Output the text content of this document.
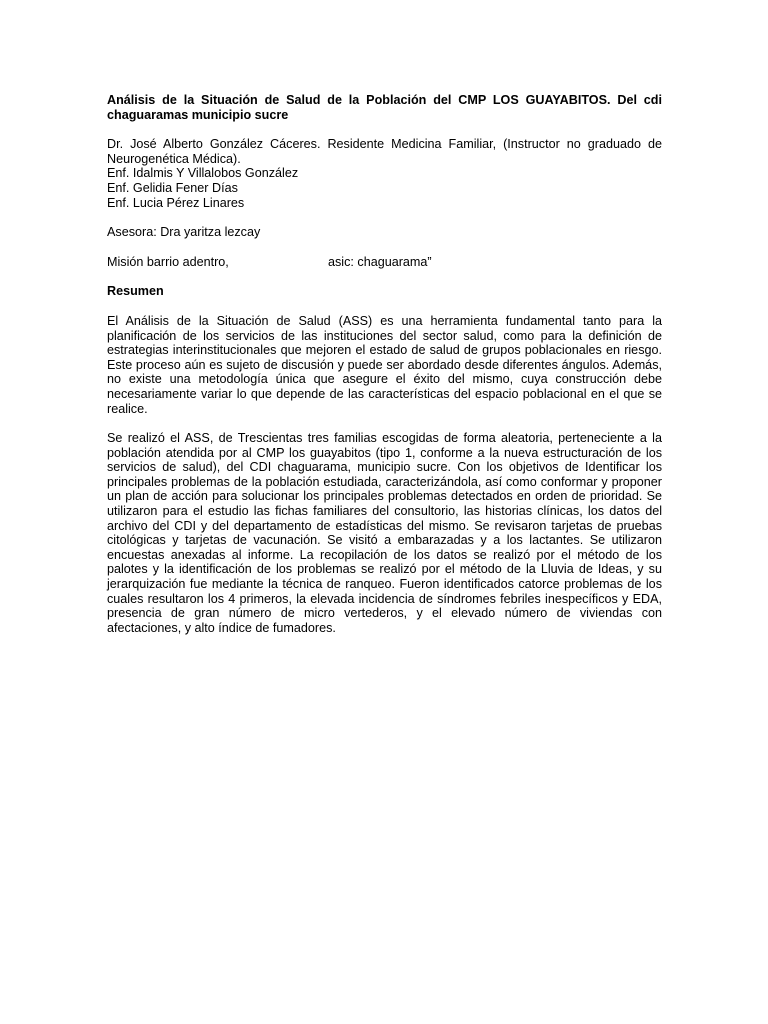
Análisis de la Situación de Salud de la Población del CMP LOS GUAYABITOS. Del cdi chaguaramas municipio sucre
Dr. José Alberto González Cáceres. Residente Medicina Familiar, (Instructor no graduado de Neurogenética Médica).
Enf. Idalmis Y Villalobos González
Enf. Gelidia Fener Días
Enf. Lucia Pérez Linares
Asesora: Dra yaritza lezcay
Misión barrio adentro,	asic: chaguarama”
Resumen

El Análisis de la Situación de Salud (ASS) es una herramienta fundamental tanto para la planificación de los servicios de las instituciones del sector salud, como para la definición de estrategias interinstitucionales que mejoren el estado de salud de grupos poblacionales en riesgo. Este proceso aún es sujeto de discusión y puede ser abordado desde diferentes ángulos. Además, no existe una metodología única que asegure el éxito del mismo, cuya construcción debe necesariamente variar lo que depende de las características del espacio poblacional en el que se realice.

Se realizó el ASS, de Trescientas tres familias escogidas de forma aleatoria, perteneciente a la población atendida por al CMP los guayabitos (tipo 1, conforme a la nueva estructuración de los servicios de salud), del CDI chaguarama, municipio sucre. Con los objetivos de Identificar los principales problemas de la población estudiada, caracterizándola, así como conformar y proponer un plan de acción para solucionar los principales problemas detectados en orden de prioridad. Se utilizaron para el estudio las fichas familiares del consultorio, las historias clínicas, los datos del archivo del CDI y del departamento de estadísticas del mismo. Se revisaron tarjetas de pruebas citológicas y tarjetas de vacunación. Se visitó a embarazadas y a los lactantes. Se utilizaron encuestas anexadas al informe. La recopilación de los datos se realizó por el método de los palotes y la identificación de los problemas se realizó por el método de la Lluvia de Ideas, y su jerarquización fue mediante la técnica de ranqueo. Fueron identificados catorce problemas de los cuales resultaron los 4 primeros, la elevada incidencia de síndromes febriles inespecíficos y EDA, presencia de gran número de micro vertederos, y el elevado número de viviendas con afectaciones, y alto índice de fumadores.
